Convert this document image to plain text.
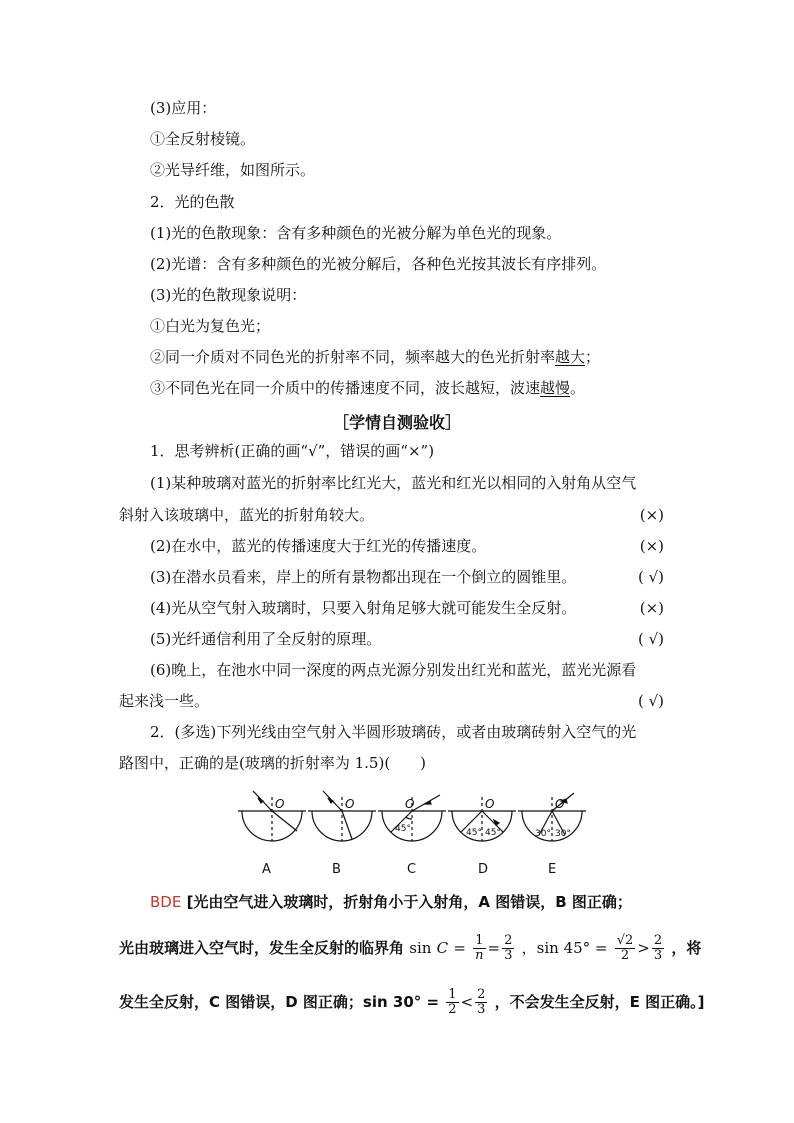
(3)应用：
①全反射棱镜。
②光导纤维，如图所示。
2．光的色散
(1)光的色散现象：含有多种颜色的光被分解为单色光的现象。
(2)光谱：含有多种颜色的光被分解后，各种色光按其波长有序排列。
(3)光的色散现象说明：
①白光为复色光；
②同一介质对不同色光的折射率不同，频率越大的色光折射率越大；
③不同色光在同一介质中的传播速度不同，波长越短，波速越慢。
［学情自测验收］
1．思考辨析(正确的画“√”，错误的画“×”)
(1)某种玻璃对蓝光的折射率比红光大，蓝光和红光以相同的入射角从空气
斜射入该玻璃中，蓝光的折射角较大。	(×)
(2)在水中，蓝光的传播速度大于红光的传播速度。	(×)
(3)在潜水员看来，岸上的所有景物都出现在一个倒立的圆锥里。	( √)
(4)光从空气射入玻璃时，只要入射角足够大就可能发生全反射。	(×)
(5)光纤通信利用了全反射的原理。	( √)
(6)晚上，在池水中同一深度的两点光源分别发出红光和蓝光，蓝光光源看
起来浅一些。	( √)
2．(多选)下列光线由空气射入半圆形玻璃砖，或者由玻璃砖射入空气的光
路图中，正确的是(玻璃的折射率为 1.5)(　　)
O	O
45°
O
45° 45°
O
30° 30°
O
A	B	C	D	E
BDE [光由空气进入玻璃时，折射角小于入射角，A 图错误，B 图正确；
光由玻璃进入空气时，发生全反射的临界角 $\sin C = \frac{1}{n} = \frac{2}{3}$ ，$\sin 45^\circ = \frac{√2}{2} > \frac{2}{3}$ ，将
发生全反射，C 图错误，D 图正确；$\sin 30^\circ = \frac{1}{2} < \frac{2}{3}$ ，不会发生全反射，E 图正确。]
